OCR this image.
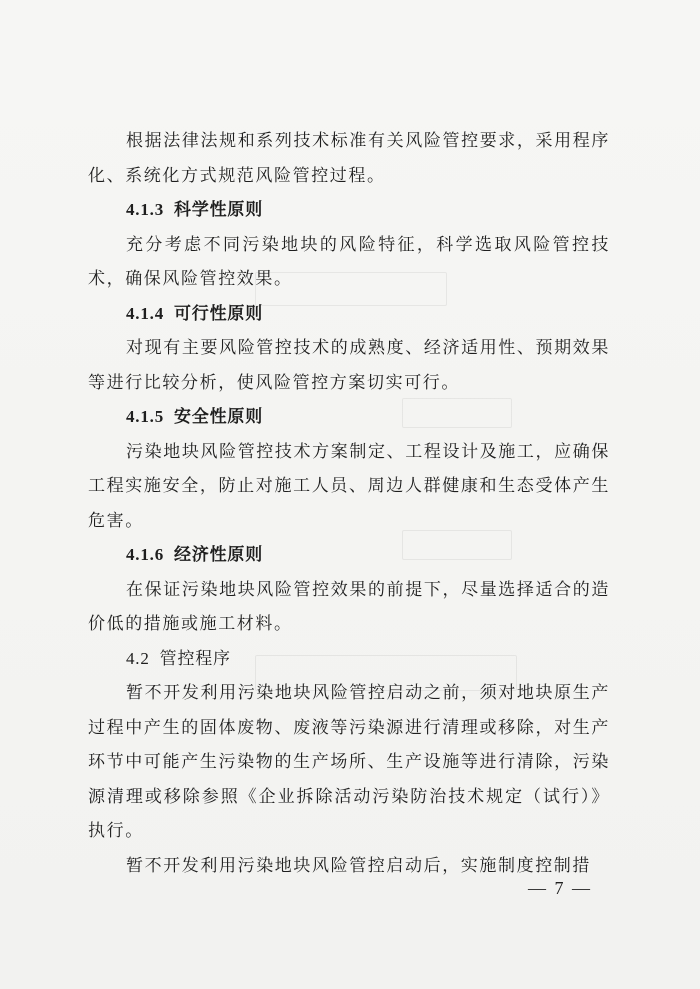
根据法律法规和系列技术标准有关风险管控要求，采用程序化、系统化方式规范风险管控过程。

4.1.3 科学性原则

充分考虑不同污染地块的风险特征，科学选取风险管控技术，确保风险管控效果。

4.1.4 可行性原则

对现有主要风险管控技术的成熟度、经济适用性、预期效果等进行比较分析，使风险管控方案切实可行。

4.1.5 安全性原则

污染地块风险管控技术方案制定、工程设计及施工，应确保工程实施安全，防止对施工人员、周边人群健康和生态受体产生危害。

4.1.6 经济性原则

在保证污染地块风险管控效果的前提下，尽量选择适合的造价低的措施或施工材料。

4.2 管控程序

暂不开发利用污染地块风险管控启动之前，须对地块原生产过程中产生的固体废物、废液等污染源进行清理或移除，对生产环节中可能产生污染物的生产场所、生产设施等进行清除，污染源清理或移除参照《企业拆除活动污染防治技术规定（试行）》执行。

暂不开发利用污染地块风险管控启动后，实施制度控制措

— 7 —
